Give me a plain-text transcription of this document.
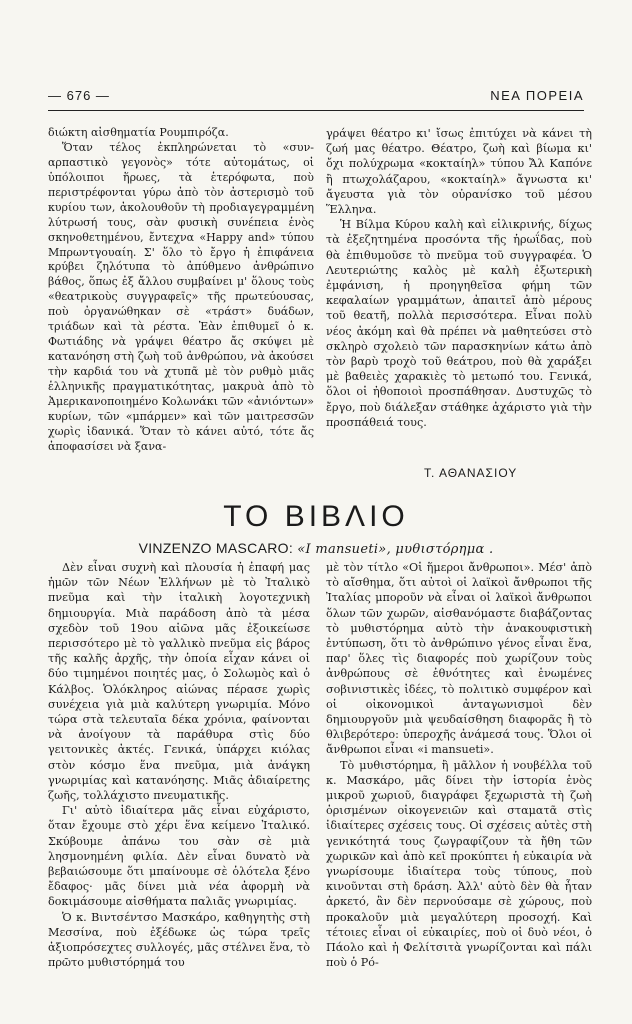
— 676 —	ΝΕΑ ΠΟΡΕΙΑ

διώκτη αἰσθηματία Ρουμπιρόζα.

Ὅταν τέλος ἐκπληρώνεται τὸ «συν-αρπαστικὸ γεγονὸς» τότε αὐτομάτως, οἱ ὑπόλοιποι ἥρωες, τὰ ἑτερόφωτα, ποὺ περιστρέφονται γύρω ἀπὸ τὸν ἀστερισμὸ τοῦ κυρίου των, ἀκολουθοῦν τὴ προδιαγεγραμμένη λύτρωσή τους, σὰν φυσικὴ συνέπεια ἑνὸς σκηνοθετημένου, ἔντεχνα «Happy and» τύπου Μπρωντγουαίη. Σ' ὅλο τὸ ἔργο ἡ ἐπιφάνεια κρύβει ζηλότυπα τὸ ἀπύθμενο ἀνθρώπινο βάθος, ὅπως ἐξ ἄλλου συμβαίνει μ' ὅλους τοὺς «θεατρικοὺς συγγραφεῖς» τῆς πρωτεύουσας, ποὺ ὀργανώθηκαν σὲ «τράστ» δυάδων, τριάδων καὶ τὰ ρέστα. Ἐὰν ἐπιθυμεῖ ὁ κ. Φωτιάδης νὰ γράψει θέατρο ἄς σκύψει μὲ κατανόηση στὴ ζωὴ τοῦ ἀνθρώπου, νὰ ἀκούσει τὴν καρδιά του νὰ χτυπᾶ μὲ τὸν ρυθμὸ μιᾶς ἑλληνικῆς πραγματικότητας, μακρυὰ ἀπὸ τὸ Ἀμερικανοποιημένο Κολωνάκι τῶν «ἀνιόντων» κυρίων, τῶν «μπάρμεν» καὶ τῶν μαιτρεσσῶν χωρὶς ἰδανικά. Ὅταν τὸ κάνει αὐτό, τότε ἄς ἀποφασίσει νὰ ξανα-

γράψει θέατρο κι' ἴσως ἐπιτύχει νὰ κάνει τὴ ζωή μας θέατρο. Θέατρο, ζωὴ καὶ βίωμα κι' ὄχι πολύχρωμα «κοκταίηλ» τύπου Ἄλ Καπόνε ἢ πτωχολάζαρου, «κοκταίηλ» ἄγνωστα κι' ἄγευστα γιὰ τὸν οὐρανίσκο τοῦ μέσου Ἕλληνα.

Ἡ Βίλμα Κύρου καλὴ καὶ εἰλικρινής, δίχως τὰ ἐξεζητημένα προσόντα τῆς ἡρωΐδας, ποὺ θὰ ἐπιθυμοῦσε τὸ πνεῦμα τοῦ συγγραφέα. Ὁ Λευτεριώτης καλὸς μὲ καλὴ ἐξωτερικὴ ἐμφάνιση, ἡ προηγηθεῖσα φήμη τῶν κεφαλαίων γραμμάτων, ἀπαιτεῖ ἀπὸ μέρους τοῦ θεατῆ, πολλὰ περισσότερα. Εἶναι πολὺ νέος ἀκόμη καὶ θὰ πρέπει νὰ μαθητεύσει στὸ σκληρὸ σχολειὸ τῶν παρασκηνίων κάτω ἀπὸ τὸν βαρὺ τροχὸ τοῦ θεάτρου, ποὺ θὰ χαράξει μὲ βαθειὲς χαρακιὲς τὸ μετωπό του. Γενικά, ὅλοι οἱ ἠθοποιοὶ προσπάθησαν. Δυστυχῶς τὸ ἔργο, ποὺ διάλεξαν στάθηκε ἀχάριστο γιὰ τὴν προσπάθειά τους.

Τ. ΑΘΑΝΑΣΙΟΥ
ΤΟ ΒΙΒΛΙΟ
VINZENZO MASCARO: «I mansueti», μυθιστόρημα .

Δὲν εἶναι συχνὴ καὶ πλουσία ἡ ἐπαφή μας ἡμῶν τῶν Νέων Ἑλλήνων μὲ τὸ Ἰταλικὸ πνεῦμα καὶ τὴν ἰταλικὴ λογοτεχνικὴ δημιουργία. Μιὰ παράδοση ἀπὸ τὰ μέσα σχεδὸν τοῦ 19ου αἰῶνα μᾶς ἐξοικείωσε περισσότερο μὲ τὸ γαλλικὸ πνεῦμα εἰς βάρος τῆς καλῆς ἀρχῆς, τὴν ὁποία εἶχαν κάνει οἱ δύο τιμημένοι ποιητές μας, ὁ Σολωμὸς καὶ ὁ Κάλβος. Ὁλόκληρος αἰώνας πέρασε χωρὶς συνέχεια γιὰ μιὰ καλύτερη γνωριμία. Μόνο τώρα στὰ τελευταῖα δέκα χρόνια, φαίνονται νὰ ἀνοίγουν τὰ παράθυρα στὶς δύο γειτονικὲς ἀκτές. Γενικά, ὑπάρχει κιόλας στὸν κόσμο ἕνα πνεῦμα, μιὰ ἀνάγκη γνωριμίας καὶ κατανόησης. Μιᾶς ἀδιαίρετης ζωῆς, τολλάχιστο πνευματικῆς.

Γι' αὐτὸ ἰδιαίτερα μᾶς εἶναι εὐχάριστο, ὅταν ἔχουμε στὸ χέρι ἕνα κείμενο Ἰταλικό. Σκύβουμε ἀπάνω του σὰν σὲ μιὰ λησμονημένη φιλία. Δὲν εἶναι δυνατὸ νὰ βεβαιώσουμε ὅτι μπαίνουμε σὲ ὁλότελα ξένο ἔδαφος· μᾶς δίνει μιὰ νέα ἀφορμὴ νὰ δοκιμάσουμε αἰσθήματα παλιᾶς γνωριμίας.

Ὁ κ. Βιντσέντσο Μασκάρο, καθηγητὴς στὴ Μεσσίνα, ποὺ ἐξέδωκε ὡς τώρα τρεῖς ἀξιοπρόσεχτες συλλογές, μᾶς στέλνει ἕνα, τὸ πρῶτο μυθιστόρημά του

μὲ τὸν τίτλο «Οἱ ἥμεροι ἄνθρωποι». Μέσ' ἀπὸ τὸ αἴσθημα, ὅτι αὐτοὶ οἱ λαϊκοὶ ἄνθρωποι τῆς Ἰταλίας μποροῦν νὰ εἶναι οἱ λαϊκοὶ ἄνθρωποι ὅλων τῶν χωρῶν, αἰσθανόμαστε διαβάζοντας τὸ μυθιστόρημα αὐτὸ τὴν ἀνακουφιστικὴ ἐντύπωση, ὅτι τὸ ἀνθρώπινο γένος εἶναι ἕνα, παρ' ὅλες τὶς διαφορές ποὺ χωρίζουν τοὺς ἀνθρώπους σὲ ἐθνότητες καὶ ἑνωμένες σοβινιστικὲς ἰδέες, τὸ πολιτικὸ συμφέρον καὶ οἱ οἰκονομικοὶ ἀνταγωνισμοὶ δὲν δημιουργοῦν μιὰ ψευδαίσθηση διαφορᾶς ἢ τὸ θλιβερότερο: ὑπεροχῆς ἀνάμεσά τους. Ὅλοι οἱ ἄνθρωποι εἶναι «i mansueti».

Τὸ μυθιστόρημα, ἢ μᾶλλον ἡ νουβέλλα τοῦ κ. Μασκάρο, μᾶς δίνει τὴν ἱστορία ἑνὸς μικροῦ χωριοῦ, διαγράφει ξεχωριστὰ τὴ ζωὴ ὁρισμένων οἰκογενειῶν καὶ σταματᾶ στὶς ἰδιαίτερες σχέσεις τους. Οἱ σχέσεις αὐτὲς στὴ γενικότητά τους ζωγραφίζουν τὰ ἤθη τῶν χωρικῶν καὶ ἀπὸ κεῖ προκύπτει ἡ εὐκαιρία νὰ γνωρίσουμε ἰδιαίτερα τοὺς τύπους, ποὺ κινοῦνται στὴ δράση. Ἀλλ' αὐτὸ δὲν θὰ ἦταν ἀρκετό, ἂν δὲν περνούσαμε σὲ χώρους, ποὺ προκαλοῦν μιὰ μεγαλύτερη προσοχή. Καὶ τέτοιες εἶναι οἱ εὐκαιρίες, ποὺ οἱ δυὸ νέοι, ὁ Πάολο καὶ ἡ Φελίτσιτὰ γνωρίζονται καὶ πάλι ποὺ ὁ Ρό-
